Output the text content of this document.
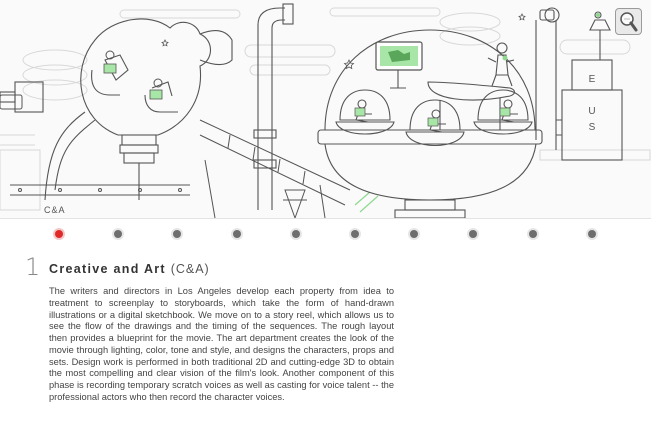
E
U
S
C&A
1 Creative and Art (C&A)

The writers and directors in Los Angeles develop each property from idea to treatment to screenplay to storyboards, which take the form of hand-drawn illustrations or a digital sketchbook. We move on to a story reel, which allows us to see the flow of the drawings and the timing of the sequences. The rough layout then provides a blueprint for the movie. The art department creates the look of the movie through lighting, color, tone and style, and designs the characters, props and sets. Design work is performed in both traditional 2D and cutting-edge 3D to obtain the most compelling and clear vision of the film's look. Another component of this phase is recording temporary scratch voices as well as casting for voice talent -- the professional actors who then record the character voices.
